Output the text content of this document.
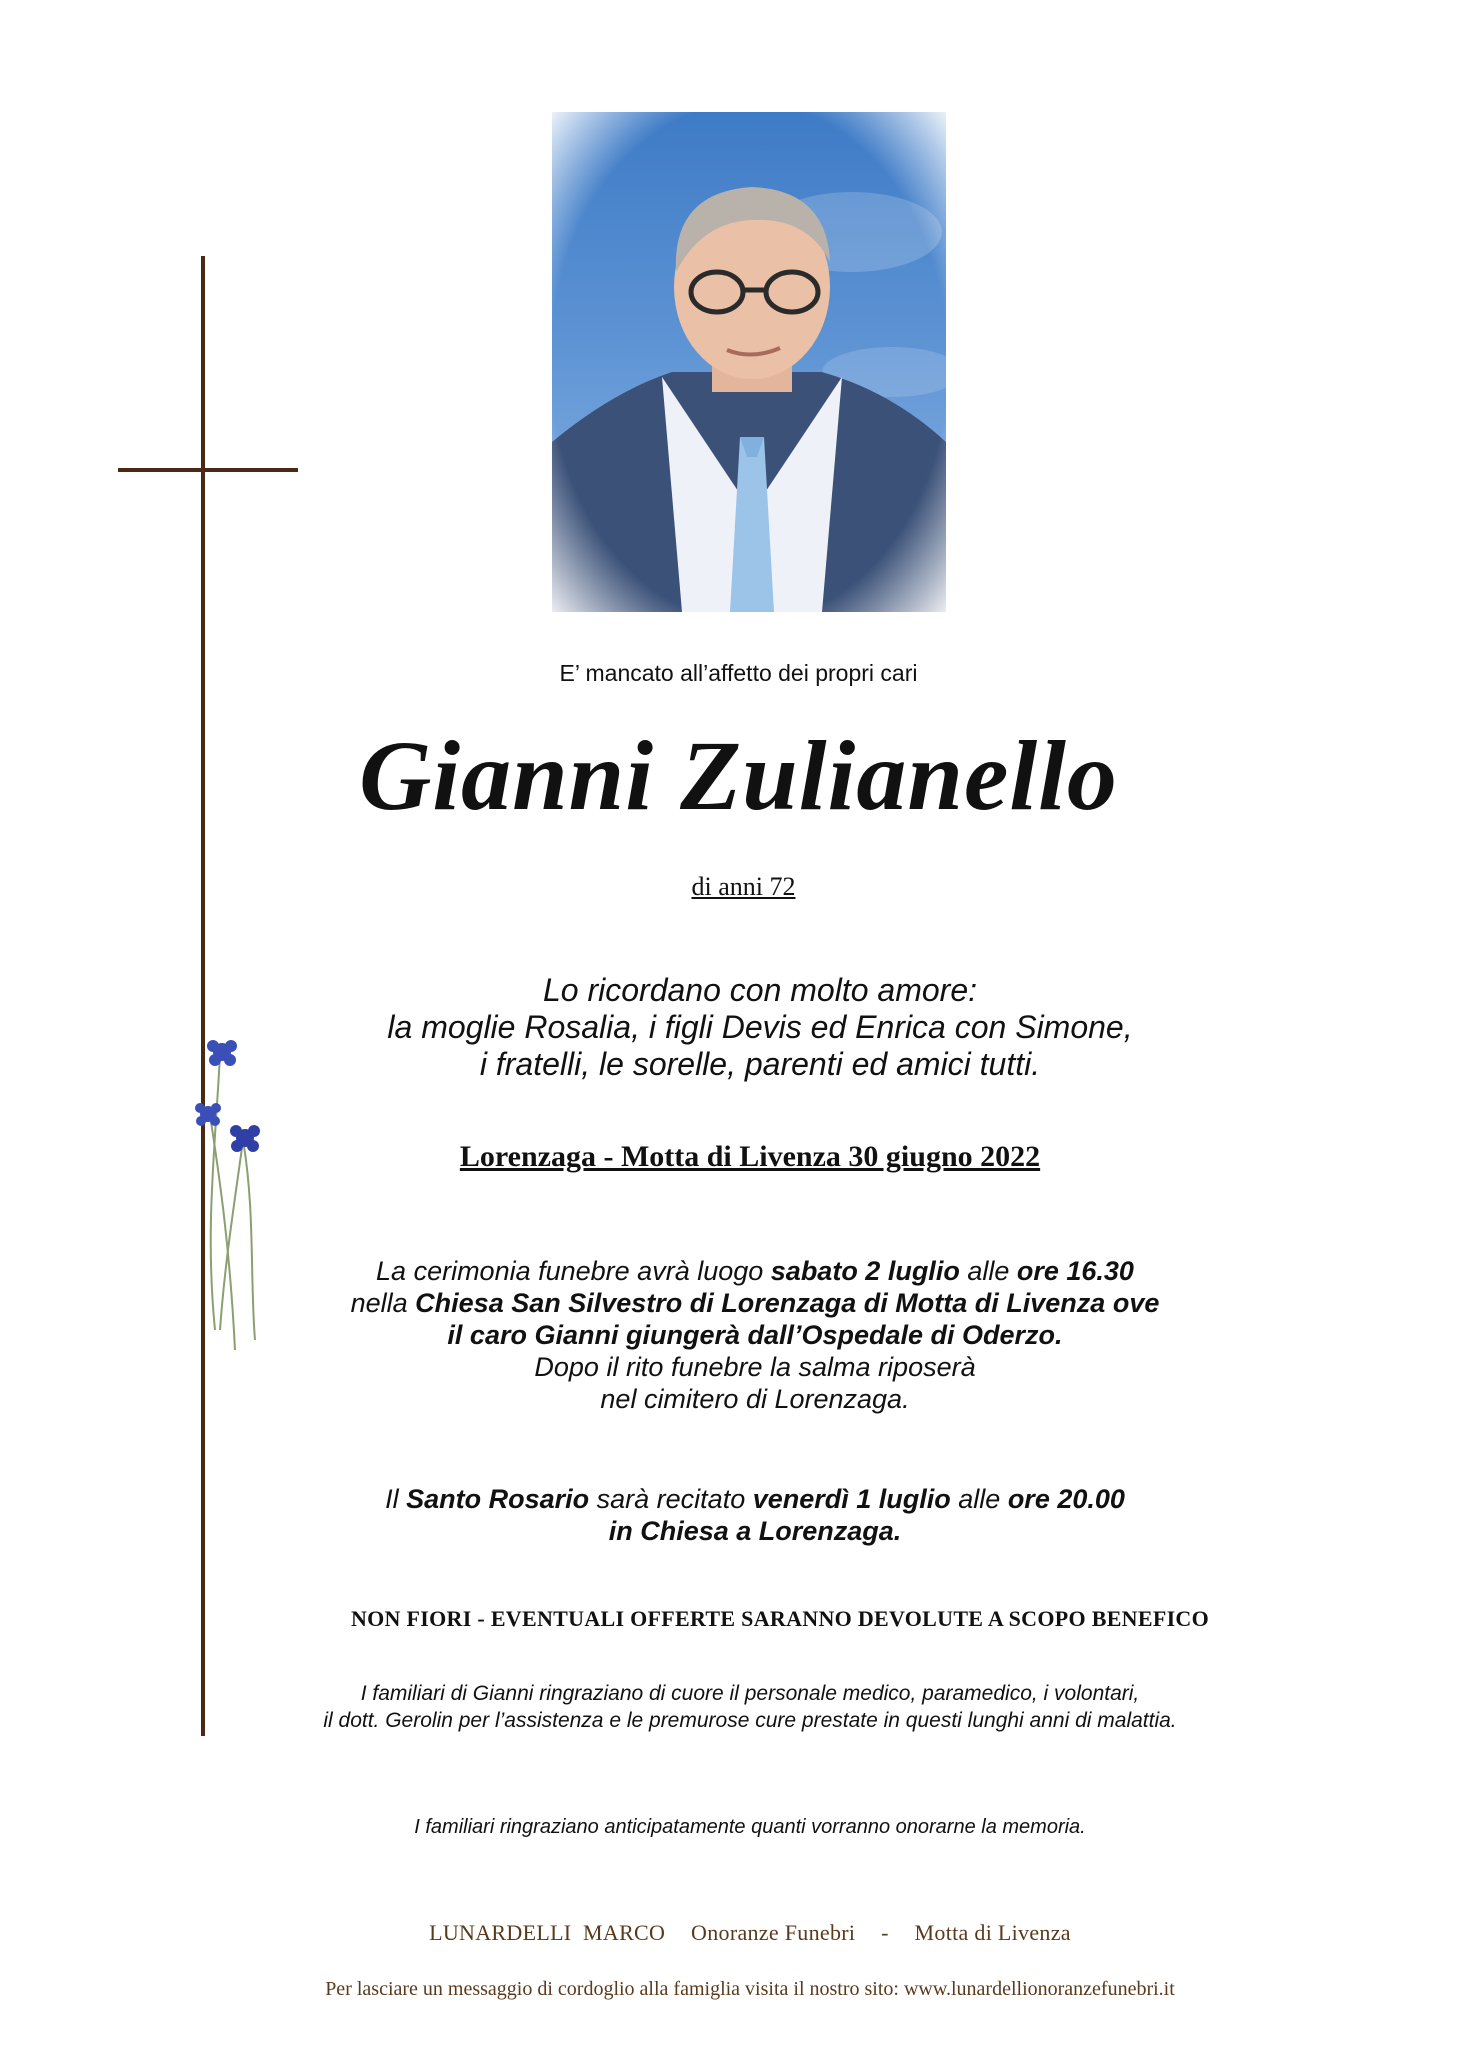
E’ mancato all’affetto dei propri cari
Gianni Zulianello
di anni 72
Lo ricordano con molto amore:
la moglie Rosalia, i figli Devis ed Enrica con Simone,
i fratelli, le sorelle, parenti ed amici tutti.
Lorenzaga - Motta di Livenza 30 giugno 2022
La cerimonia funebre avrà luogo sabato 2 luglio alle ore 16.30
nella Chiesa San Silvestro di Lorenzaga di Motta di Livenza ove
il caro Gianni giungerà dall’Ospedale di Oderzo.
Dopo il rito funebre la salma riposerà
nel cimitero di Lorenzaga.
Il Santo Rosario sarà recitato venerdì 1 luglio alle ore 20.00
in Chiesa a Lorenzaga.
NON FIORI - EVENTUALI OFFERTE SARANNO DEVOLUTE A SCOPO BENEFICO
I familiari di Gianni ringraziano di cuore il personale medico, paramedico, i volontari,
il dott. Gerolin per l’assistenza e le premurose cure prestate in questi lunghi anni di malattia.
I familiari ringraziano anticipatamente quanti vorranno onorarne la memoria.
LUNARDELLI  MARCO Onoranze Funebri - Motta di Livenza
Per lasciare un messaggio di cordoglio alla famiglia visita il nostro sito: www.lunardellionoranzefunebri.it
